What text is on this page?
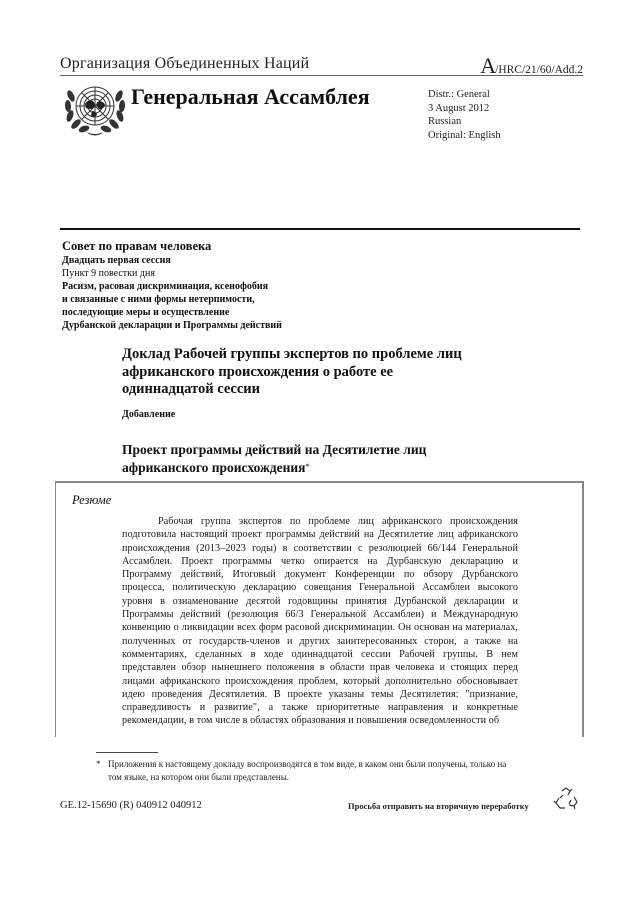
Организация Объединенных Наций	A/HRC/21/60/Add.2
Генеральная Ассамблея	Distr.: General
3 August 2012
Russian
Original: English
Совет по правам человека
Двадцать первая сессия
Пункт 9 повестки дня
Расизм, расовая дискриминация, ксенофобия
и связанные с ними формы нетерпимости,
последующие меры и осуществление
Дурбанской декларации и Программы действий
Доклад Рабочей группы экспертов по проблеме лиц
африканского происхождения о работе ее
одиннадцатой сессии
Добавление
Проект программы действий на Десятилетие лиц
африканского происхождения*
Резюме
Рабочая группа экспертов по проблеме лиц африканского происхождения подготовила настоящий проект программы действий на Десятилетие лиц африканского происхождения (2013–2023 годы) в соответствии с резолюцией 66/144 Генеральной Ассамблеи. Проект программы четко опирается на Дурбанскую декларацию и Программу действий, Итоговый документ Конференции по обзору Дурбанского процесса, политическую декларацию совещания Генеральной Ассамблеи высокого уровня в ознаменование десятой годовщины принятия Дурбанской декларации и Программы действий (резолюция 66/3 Генеральной Ассамблеи) и Международную конвенцию о ликвидации всех форм расовой дискриминации. Он основан на материалах, полученных от государств-членов и других заинтересованных сторон, а также на комментариях, сделанных в ходе одиннадцатой сессии Рабочей группы. В нем представлен обзор нынешнего положения в области прав человека и стоящих перед лицами африканского происхождения проблем, который дополнительно обосновывает идею проведения Десятилетия. В проекте указаны темы Десятилетия: "признание, справедливость и развитие", а также приоритетные направления и конкретные рекомендации, в том числе в областях образования и повышения осведомленности об
* Приложения к настоящему докладу воспроизводятся в том виде, в каком они были получены, только на том языке, на котором они были представлены.
GE.12-15690 (R) 040912 040912	Просьба отправить на вторичную переработку
